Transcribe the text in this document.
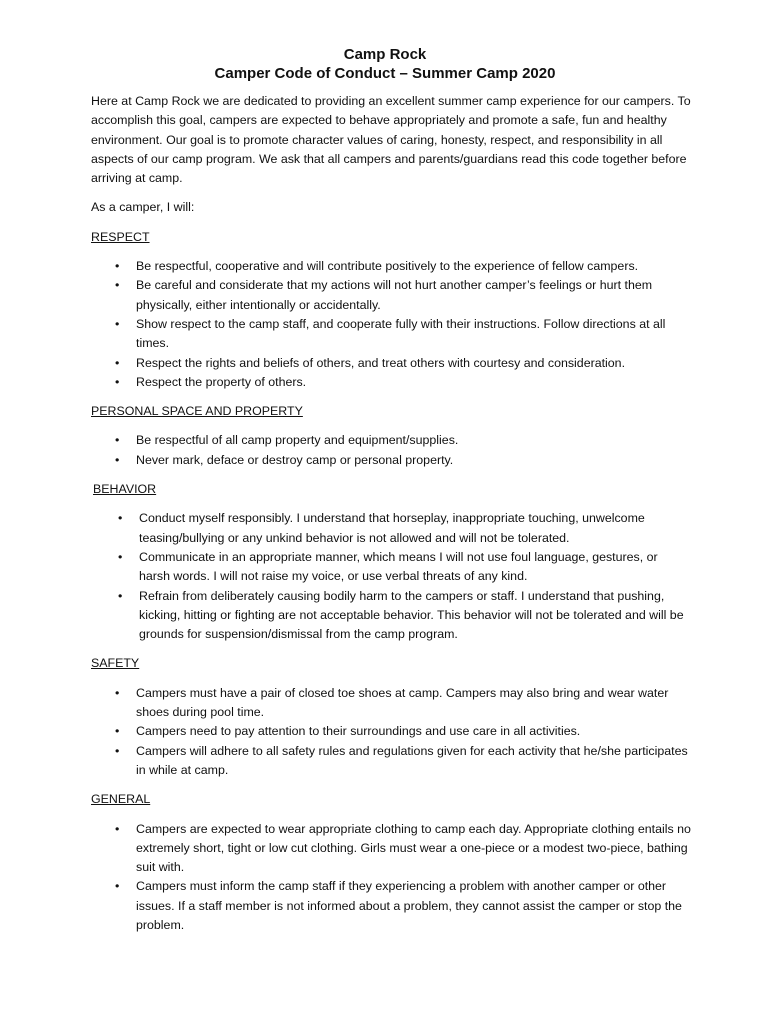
Camp Rock
Camper Code of Conduct – Summer Camp 2020

Here at Camp Rock we are dedicated to providing an excellent summer camp experience for our campers. To accomplish this goal, campers are expected to behave appropriately and promote a safe, fun and healthy environment. Our goal is to promote character values of caring, honesty, respect, and responsibility in all aspects of our camp program. We ask that all campers and parents/guardians read this code together before arriving at camp.

As a camper, I will:

RESPECT

• Be respectful, cooperative and will contribute positively to the experience of fellow campers.
• Be careful and considerate that my actions will not hurt another camper’s feelings or hurt them physically, either intentionally or accidentally.
• Show respect to the camp staff, and cooperate fully with their instructions. Follow directions at all times.
• Respect the rights and beliefs of others, and treat others with courtesy and consideration.
• Respect the property of others.

PERSONAL SPACE AND PROPERTY

• Be respectful of all camp property and equipment/supplies.
• Never mark, deface or destroy camp or personal property.

BEHAVIOR

• Conduct myself responsibly. I understand that horseplay, inappropriate touching, unwelcome teasing/bullying or any unkind behavior is not allowed and will not be tolerated.
• Communicate in an appropriate manner, which means I will not use foul language, gestures, or harsh words. I will not raise my voice, or use verbal threats of any kind.
• Refrain from deliberately causing bodily harm to the campers or staff. I understand that pushing, kicking, hitting or fighting are not acceptable behavior. This behavior will not be tolerated and will be grounds for suspension/dismissal from the camp program.

SAFETY

• Campers must have a pair of closed toe shoes at camp. Campers may also bring and wear water shoes during pool time.
• Campers need to pay attention to their surroundings and use care in all activities.
• Campers will adhere to all safety rules and regulations given for each activity that he/she participates in while at camp.

GENERAL

• Campers are expected to wear appropriate clothing to camp each day. Appropriate clothing entails no extremely short, tight or low cut clothing. Girls must wear a one-piece or a modest two-piece, bathing suit with.
• Campers must inform the camp staff if they experiencing a problem with another camper or other issues. If a staff member is not informed about a problem, they cannot assist the camper or stop the problem.
